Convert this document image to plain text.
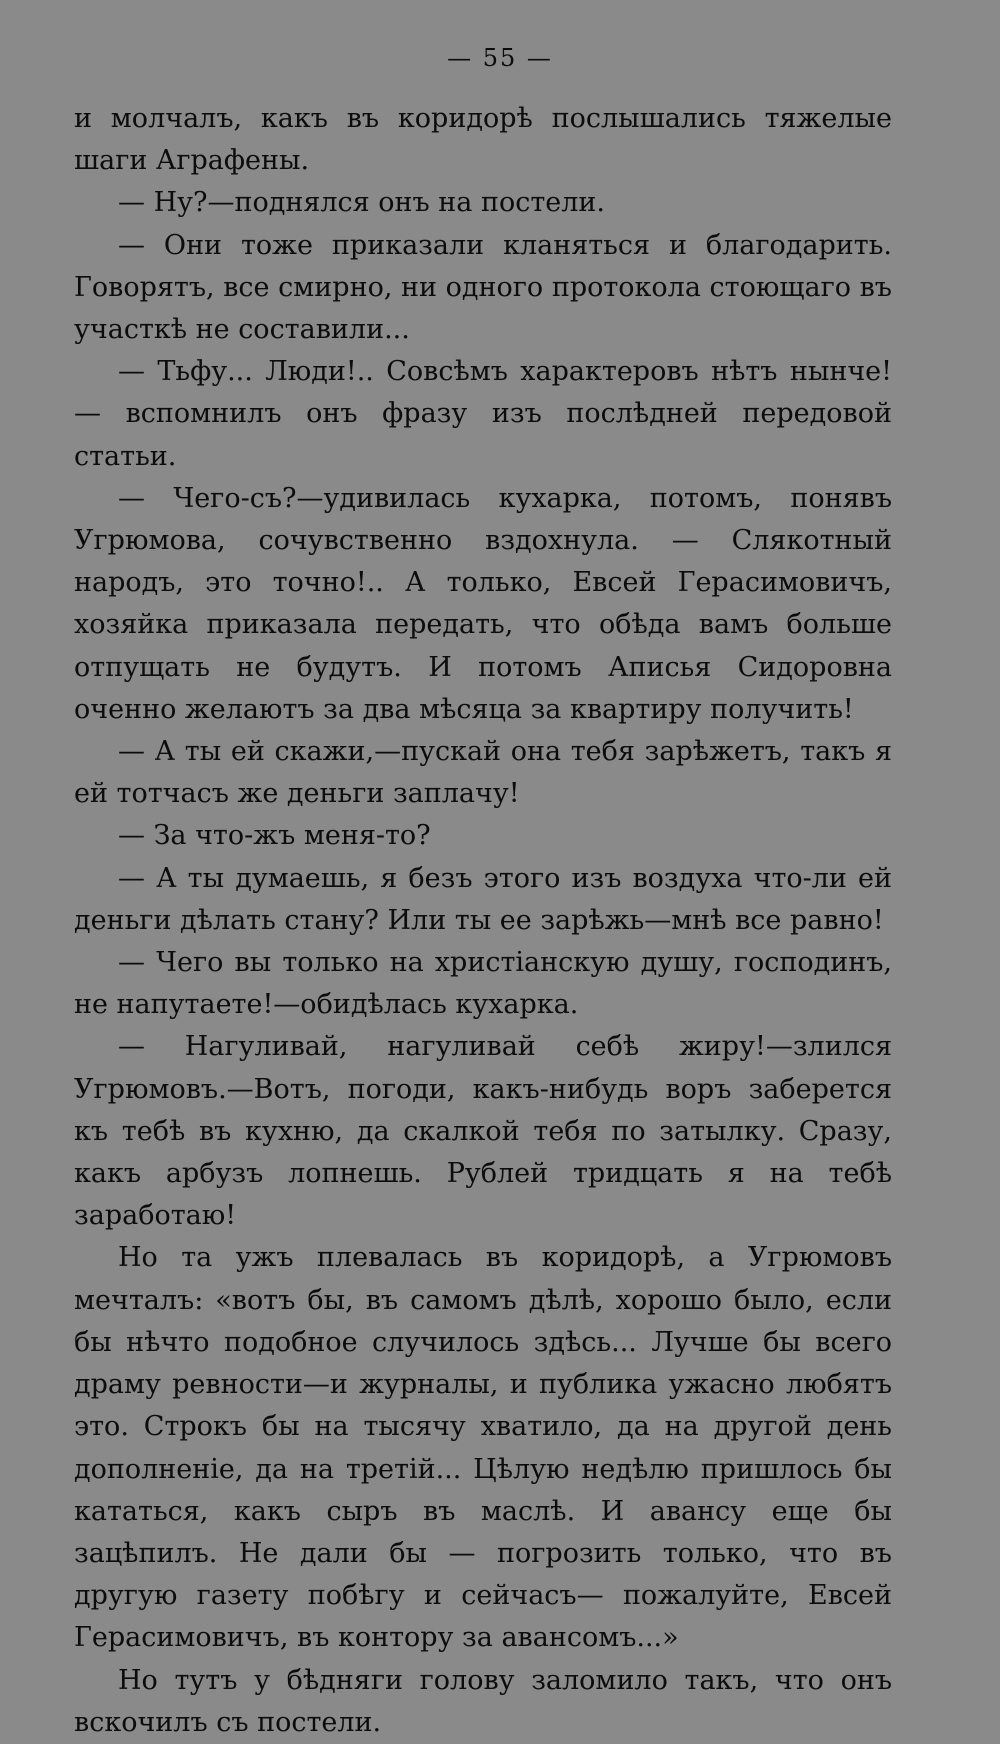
— 55 —

и молчалъ, какъ въ коридорѣ послышались тяжелые шаги Аграфены.

— Ну?—поднялся онъ на постели.

— Они тоже приказали кланяться и благодарить. Говорятъ, все смирно, ни одного протокола стоющаго въ участкѣ не составили...

— Тьфу... Люди!.. Совсѣмъ характеровъ нѣтъ нынче!— вспомнилъ онъ фразу изъ послѣдней передовой статьи.

— Чего-съ?—удивилась кухарка, потомъ, понявъ Угрюмова, сочувственно вздохнула. — Слякотный народъ, это точно!.. А только, Евсей Герасимовичъ, хозяйка приказала передать, что обѣда вамъ больше отпущать не будутъ. И потомъ Аписья Сидоровна оченно желаютъ за два мѣсяца за квартиру получить!

— А ты ей скажи,—пускай она тебя зарѣжетъ, такъ я ей тотчасъ же деньги заплачу!

— За что-жъ меня-то?

— А ты думаешь, я безъ этого изъ воздуха что-ли ей деньги дѣлать стану? Или ты ее зарѣжь—мнѣ все равно!

— Чего вы только на христіанскую душу, господинъ, не напутаете!—обидѣлась кухарка.

— Нагуливай, нагуливай себѣ жиру!—злился Угрюмовъ.—Вотъ, погоди, какъ-нибудь воръ заберется къ тебѣ въ кухню, да скалкой тебя по затылку. Сразу, какъ арбузъ лопнешь. Рублей тридцать я на тебѣ заработаю!

Но та ужъ плевалась въ коридорѣ, а Угрюмовъ мечталъ: «вотъ бы, въ самомъ дѣлѣ, хорошо было, если бы нѣчто подобное случилось здѣсь... Лучше бы всего драму ревности—и журналы, и публика ужасно любятъ это. Строкъ бы на тысячу хватило, да на другой день дополненіе, да на третій... Цѣлую недѣлю пришлось бы кататься, какъ сыръ въ маслѣ. И авансу еще бы зацѣпилъ. Не дали бы — погрозить только, что въ другую газету побѣгу и сейчасъ— пожалуйте, Евсей Герасимовичъ, въ контору за авансомъ...»

Но тутъ у бѣдняги голову заломило такъ, что онъ вскочилъ съ постели.
